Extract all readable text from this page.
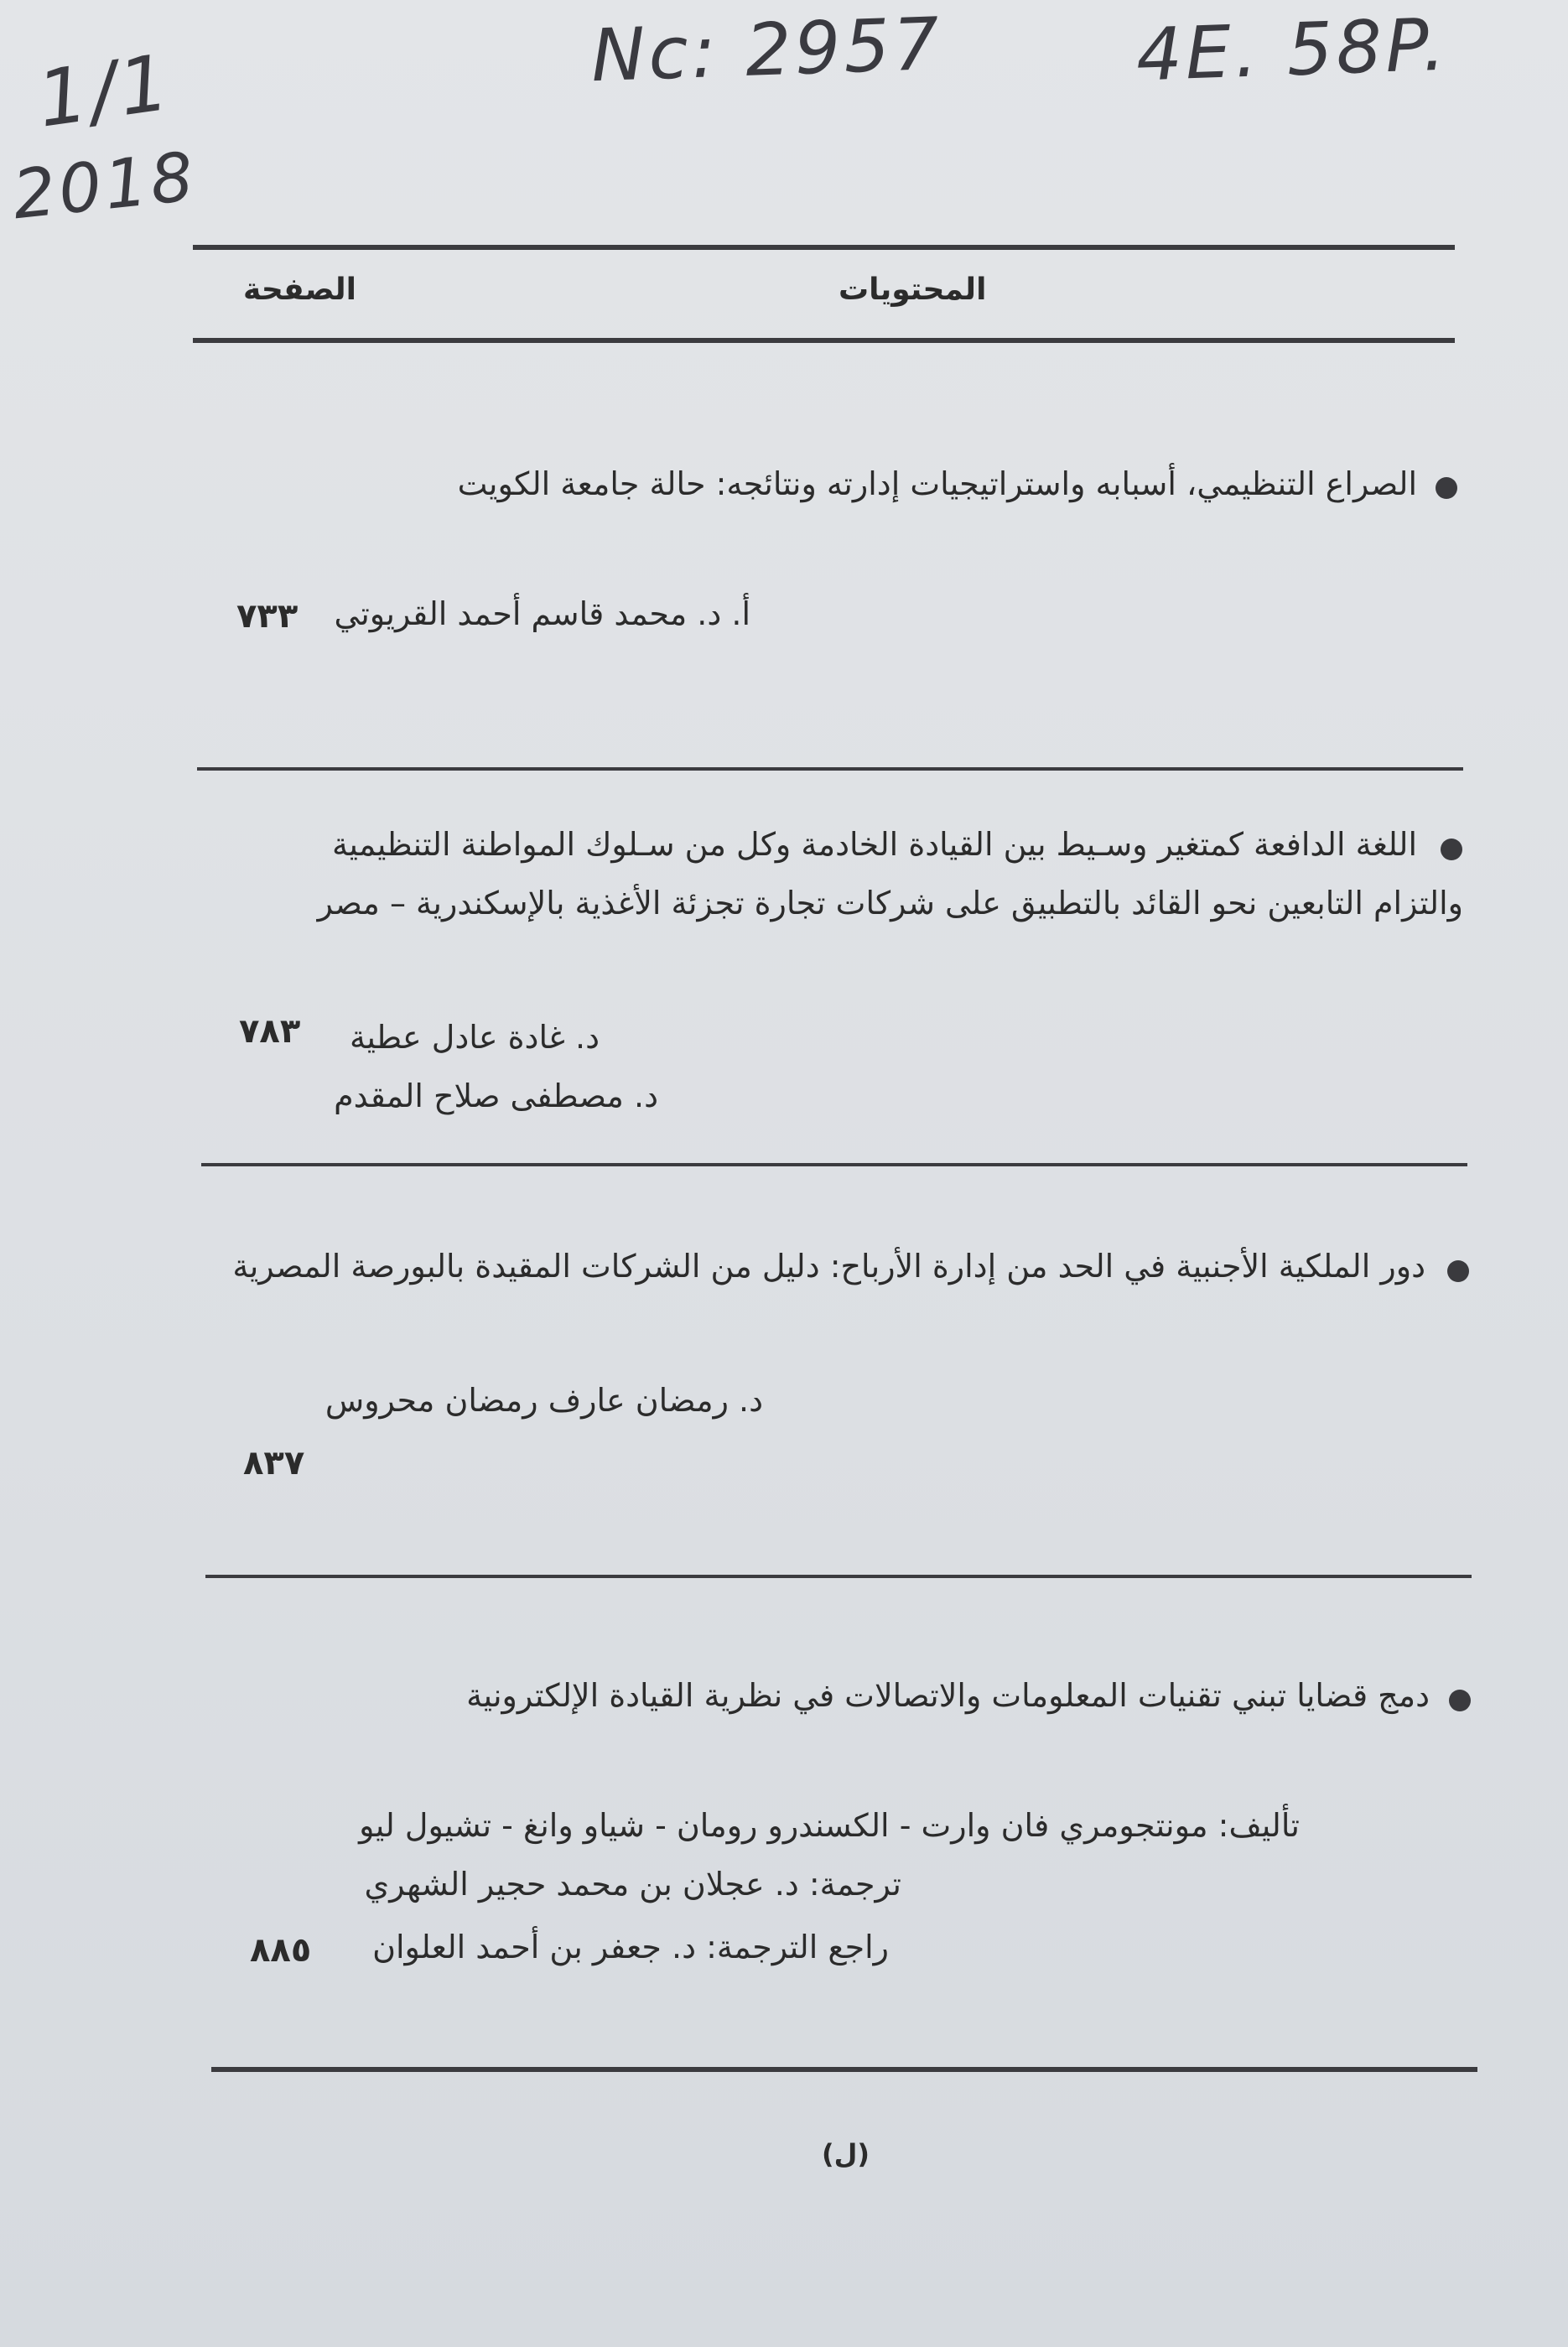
Nc: 2957	4E. 58P.
1/1
2018
المحتويات
الصفحة
الصراع التنظيمي، أسبابه واستراتيجيات إدارته ونتائجه: حالة جامعة الكويت
أ. د. محمد قاسم أحمد القريوتي
٧٣٣
اللغة الدافعة كمتغير وسـيط بين القيادة الخادمة وكل من سـلوك المواطنة التنظيمية
والتزام التابعين نحو القائد بالتطبيق على شركات تجارة تجزئة الأغذية بالإسكندرية – مصر
د. غادة عادل عطية
د. مصطفى صلاح المقدم
٧٨٣
دور الملكية الأجنبية في الحد من إدارة الأرباح: دليل من الشركات المقيدة بالبورصة المصرية
د. رمضان عارف رمضان محروس
٨٣٧
دمج قضايا تبني تقنيات المعلومات والاتصالات في نظرية القيادة الإلكترونية
تأليف: مونتجومري فان وارت - الكسندرو رومان - شياو وانغ - تشيول ليو
ترجمة: د. عجلان بن محمد حجير الشهري
راجع الترجمة: د. جعفر بن أحمد العلوان
٨٨٥
(ل)
